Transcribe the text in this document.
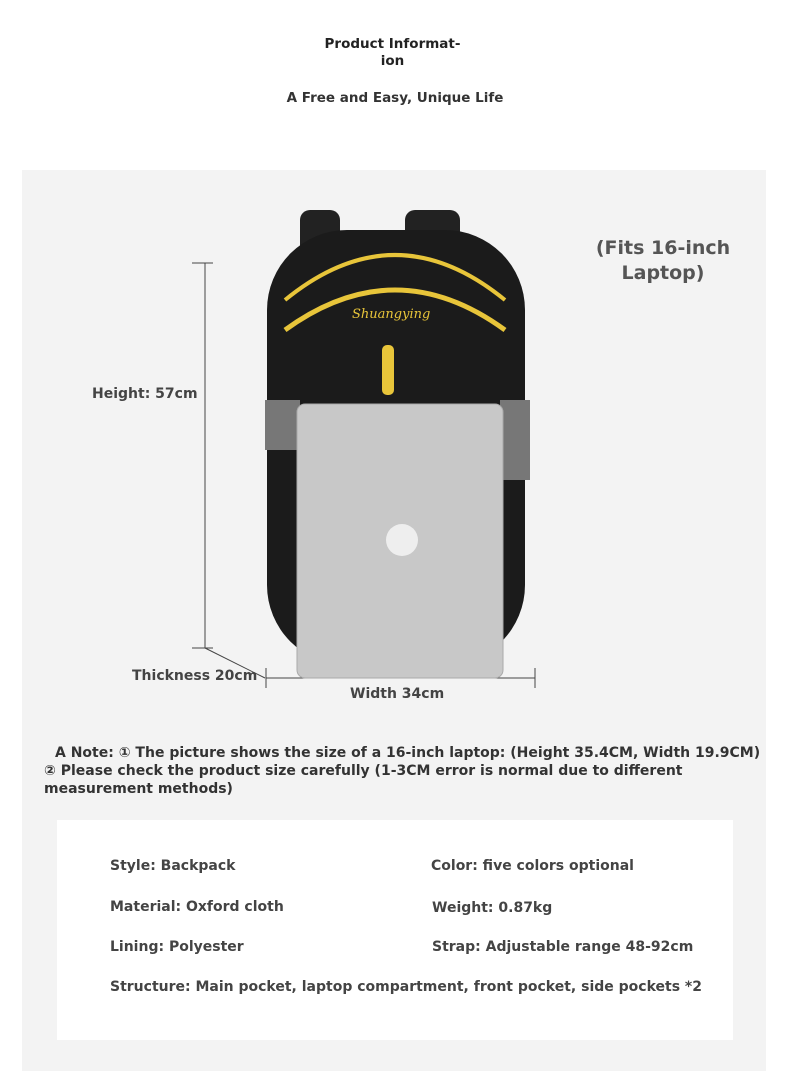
Product Informat-
ion
A Free and Easy, Unique Life
Shuangying
(Fits 16-inch
Laptop)
Height: 57cm
Thickness 20cm
Width 34cm
A Note: ① The picture shows the size of a 16-inch laptop: (Height 35.4CM, Width 19.9CM)
② Please check the product size carefully (1-3CM error is normal due to different measurement methods)
Style: Backpack	Color: five colors optional
Material: Oxford cloth	Weight: 0.87kg
Lining: Polyester	Strap: Adjustable range 48-92cm
Structure: Main pocket, laptop compartment, front pocket, side pockets *2
